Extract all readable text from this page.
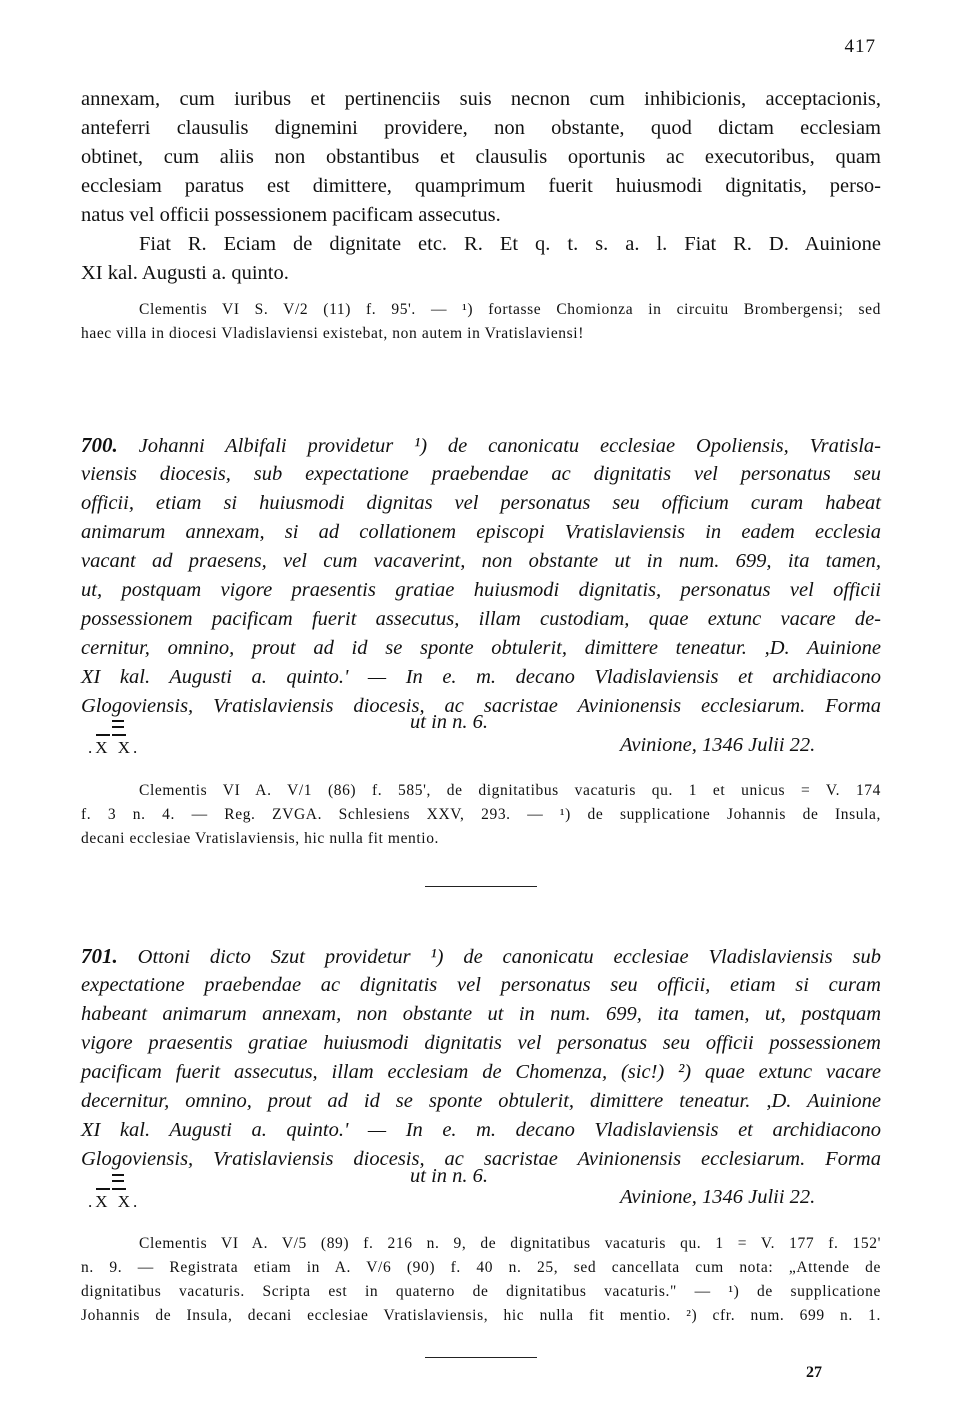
417
annexam, cum iuribus et pertinenciis suis necnon cum inhibicionis, acceptacionis,
anteferri clausulis dignemini providere, non obstante, quod dictam ecclesiam
obtinet, cum aliis non obstantibus et clausulis oportunis ac executoribus, quam
ecclesiam paratus est dimittere, quamprimum fuerit huiusmodi dignitatis, perso-
natus vel officii possessionem pacificam assecutus.
Fiat R. Eciam de dignitate etc. R. Et q. t. s. a. l. Fiat R. D. Auinione
XI kal. Augusti a. quinto.
Clementis VI S. V/2 (11) f. 95'. — ¹) fortasse Chomionza in circuitu Brombergensi; sed
haec villa in diocesi Vladislaviensi existebat, non autem in Vratislaviensi!
700. Johanni Albifali providetur ¹) de canonicatu ecclesiae Opoliensis, Vratisla-
viensis diocesis, sub expectatione praebendae ac dignitatis vel personatus seu
officii, etiam si huiusmodi dignitas vel personatus seu officium curam habeat
animarum annexam, si ad collationem episcopi Vratislaviensis in eadem ecclesia
vacant ad praesens, vel cum vacaverint, non obstante ut in num. 699, ita tamen,
ut, postquam vigore praesentis gratiae huiusmodi dignitatis, personatus vel officii
possessionem pacificam fuerit assecutus, illam custodiam, quae extunc vacare de-
cernitur, omnino, prout ad id se sponte obtulerit, dimittere teneatur. ,D. Auinione
XI kal. Augusti a. quinto.' — In e. m. decano Vladislaviensis et archidiacono
Glogoviensis, Vratislaviensis diocesis, ac sacristae Avinionensis ecclesiarum. Forma
ut in n. 6.
.X X.	Avinione, 1346 Julii 22.
Clementis VI A. V/1 (86) f. 585', de dignitatibus vacaturis qu. 1 et unicus = V. 174
f. 3 n. 4. — Reg. ZVGA. Schlesiens XXV, 293. — ¹) de supplicatione Johannis de Insula,
decani ecclesiae Vratislaviensis, hic nulla fit mentio.
701. Ottoni dicto Szut providetur ¹) de canonicatu ecclesiae Vladislaviensis sub
expectatione praebendae ac dignitatis vel personatus seu officii, etiam si curam
habeant animarum annexam, non obstante ut in num. 699, ita tamen, ut, postquam
vigore praesentis gratiae huiusmodi dignitatis vel personatus seu officii possessionem
pacificam fuerit assecutus, illam ecclesiam de Chomenza, (sic!) ²) quae extunc vacare
decernitur, omnino, prout ad id se sponte obtulerit, dimittere teneatur. ,D. Auinione
XI kal. Augusti a. quinto.' — In e. m. decano Vladislaviensis et archidiacono
Glogoviensis, Vratislaviensis diocesis, ac sacristae Avinionensis ecclesiarum. Forma
ut in n. 6.
.X X.	Avinione, 1346 Julii 22.
Clementis VI A. V/5 (89) f. 216 n. 9, de dignitatibus vacaturis qu. 1 = V. 177 f. 152'
n. 9. — Registrata etiam in A. V/6 (90) f. 40 n. 25, sed cancellata cum nota: „Attende de
dignitatibus vacaturis. Scripta est in quaterno de dignitatibus vacaturis." — ¹) de supplicatione
Johannis de Insula, decani ecclesiae Vratislaviensis, hic nulla fit mentio. ²) cfr. num. 699 n. 1.
27
